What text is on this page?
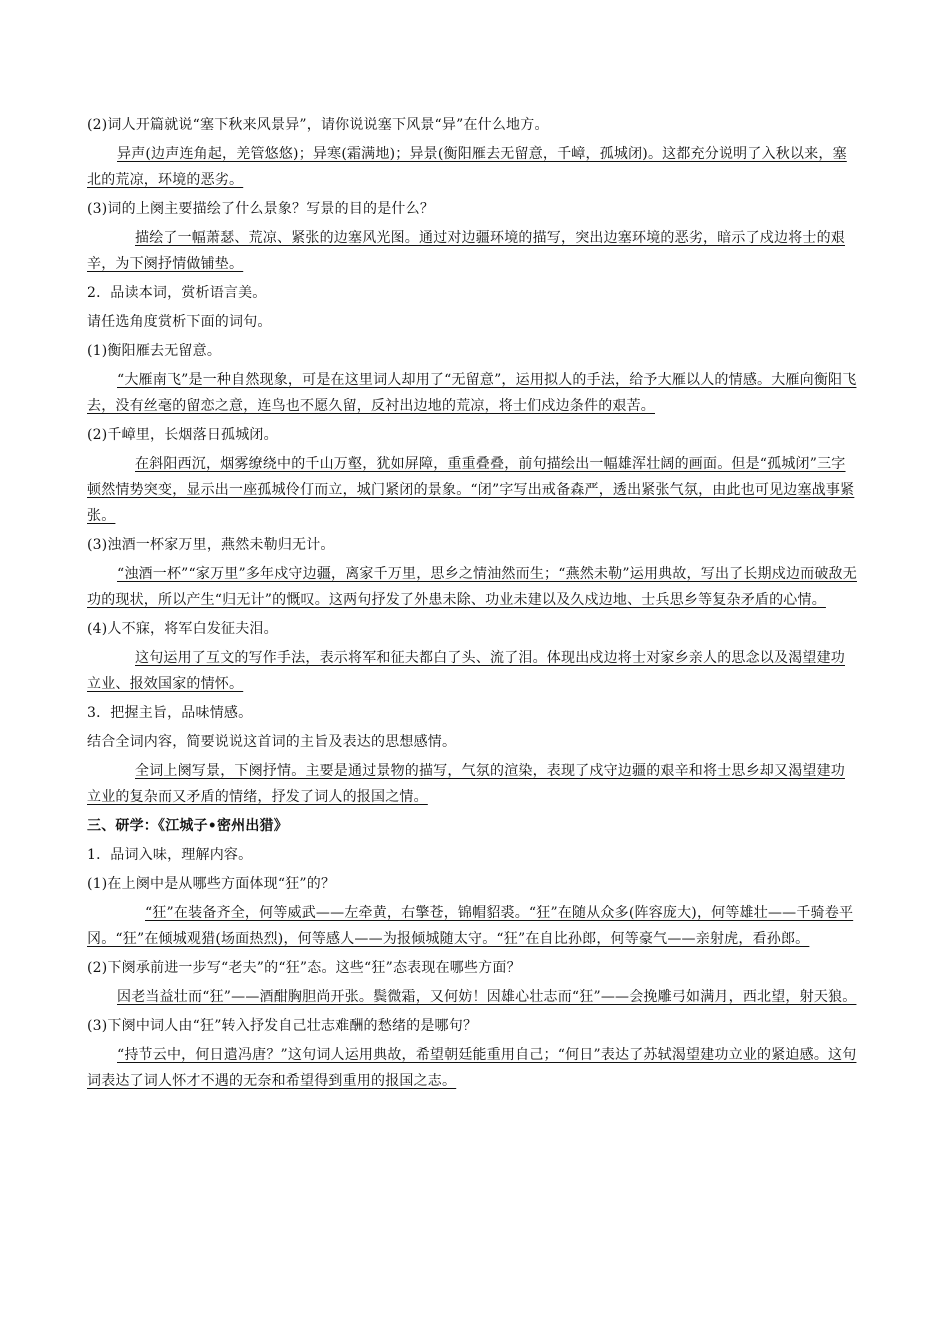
(2)词人开篇就说“塞下秋来风景异”，请你说说塞下风景“异”在什么地方。

异声(边声连角起，羌管悠悠)；异寒(霜满地)；异景(衡阳雁去无留意，千嶂，孤城闭)。这都充分说明了入秋以来，塞北的荒凉，环境的恶劣。

(3)词的上阕主要描绘了什么景象？写景的目的是什么？

描绘了一幅萧瑟、荒凉、紧张的边塞风光图。通过对边疆环境的描写，突出边塞环境的恶劣，暗示了戍边将士的艰辛，为下阕抒情做铺垫。

2．品读本词，赏析语言美。

请任选角度赏析下面的词句。

(1)衡阳雁去无留意。

“大雁南飞”是一种自然现象，可是在这里词人却用了“无留意”，运用拟人的手法，给予大雁以人的情感。大雁向衡阳飞去，没有丝毫的留恋之意，连鸟也不愿久留，反衬出边地的荒凉，将士们戍边条件的艰苦。

(2)千嶂里，长烟落日孤城闭。

在斜阳西沉，烟雾缭绕中的千山万壑，犹如屏障，重重叠叠，前句描绘出一幅雄浑壮阔的画面。但是“孤城闭”三字顿然情势突变，显示出一座孤城伶仃而立，城门紧闭的景象。“闭”字写出戒备森严，透出紧张气氛，由此也可见边塞战事紧张。

(3)浊酒一杯家万里，燕然未勒归无计。

“浊酒一杯”“家万里”多年戍守边疆，离家千万里，思乡之情油然而生；“燕然未勒”运用典故，写出了长期戍边而破敌无功的现状，所以产生“归无计”的慨叹。这两句抒发了外患未除、功业未建以及久戍边地、士兵思乡等复杂矛盾的心情。

(4)人不寐，将军白发征夫泪。

这句运用了互文的写作手法，表示将军和征夫都白了头、流了泪。体现出戍边将士对家乡亲人的思念以及渴望建功立业、报效国家的情怀。

3．把握主旨，品味情感。

结合全词内容，简要说说这首词的主旨及表达的思想感情。

全词上阕写景，下阕抒情。主要是通过景物的描写，气氛的渲染，表现了戍守边疆的艰辛和将士思乡却又渴望建功立业的复杂而又矛盾的情绪，抒发了词人的报国之情。

三、研学：《江城子•密州出猎》

1．品词入味，理解内容。

(1)在上阕中是从哪些方面体现“狂”的？

“狂”在装备齐全，何等威武——左牵黄，右擎苍，锦帽貂裘。“狂”在随从众多(阵容庞大)，何等雄壮——千骑卷平冈。“狂”在倾城观猎(场面热烈)，何等感人——为报倾城随太守。“狂”在自比孙郎，何等豪气——亲射虎，看孙郎。

(2)下阕承前进一步写“老夫”的“狂”态。这些“狂”态表现在哪些方面？

因老当益壮而“狂”——酒酣胸胆尚开张。鬓微霜，又何妨！因雄心壮志而“狂”——会挽雕弓如满月，西北望，射天狼。

(3)下阕中词人由“狂”转入抒发自己壮志难酬的愁绪的是哪句？

“持节云中，何日遣冯唐？”这句词人运用典故，希望朝廷能重用自己；“何日”表达了苏轼渴望建功立业的紧迫感。这句词表达了词人怀才不遇的无奈和希望得到重用的报国之志。
